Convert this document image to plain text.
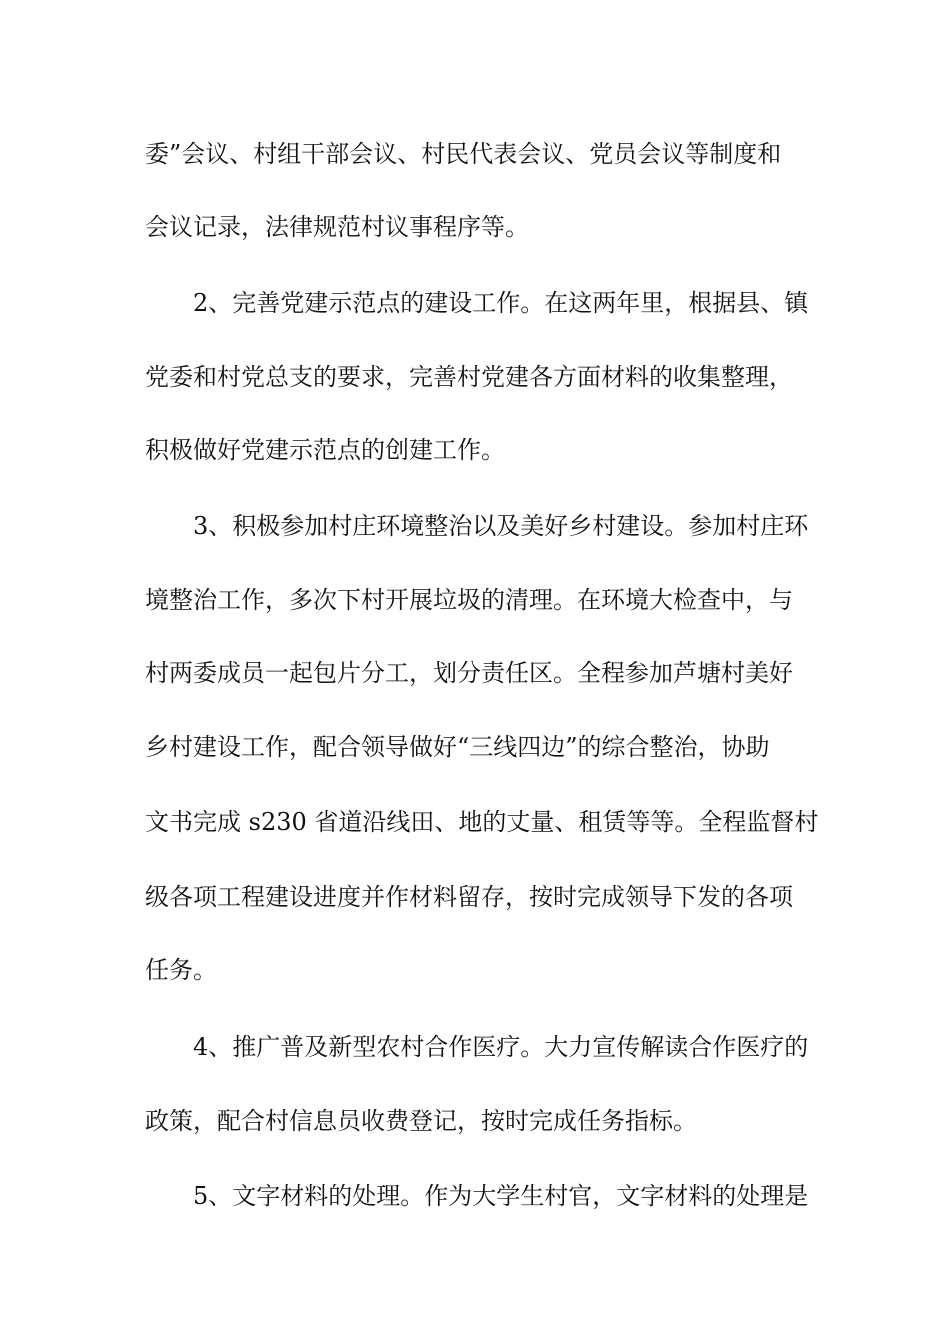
委”会议、村组干部会议、村民代表会议、党员会议等制度和

会议记录，法律规范村议事程序等。

2、完善党建示范点的建设工作。在这两年里，根据县、镇

党委和村党总支的要求，完善村党建各方面材料的收集整理，

积极做好党建示范点的创建工作。

3、积极参加村庄环境整治以及美好乡村建设。参加村庄环

境整治工作，多次下村开展垃圾的清理。在环境大检查中，与

村两委成员一起包片分工，划分责任区。全程参加芦塘村美好

乡村建设工作，配合领导做好“三线四边”的综合整治，协助

文书完成 s230 省道沿线田、地的丈量、租赁等等。全程监督村

级各项工程建设进度并作材料留存，按时完成领导下发的各项

任务。

4、推广普及新型农村合作医疗。大力宣传解读合作医疗的

政策，配合村信息员收费登记，按时完成任务指标。

5、文字材料的处理。作为大学生村官，文字材料的处理是
